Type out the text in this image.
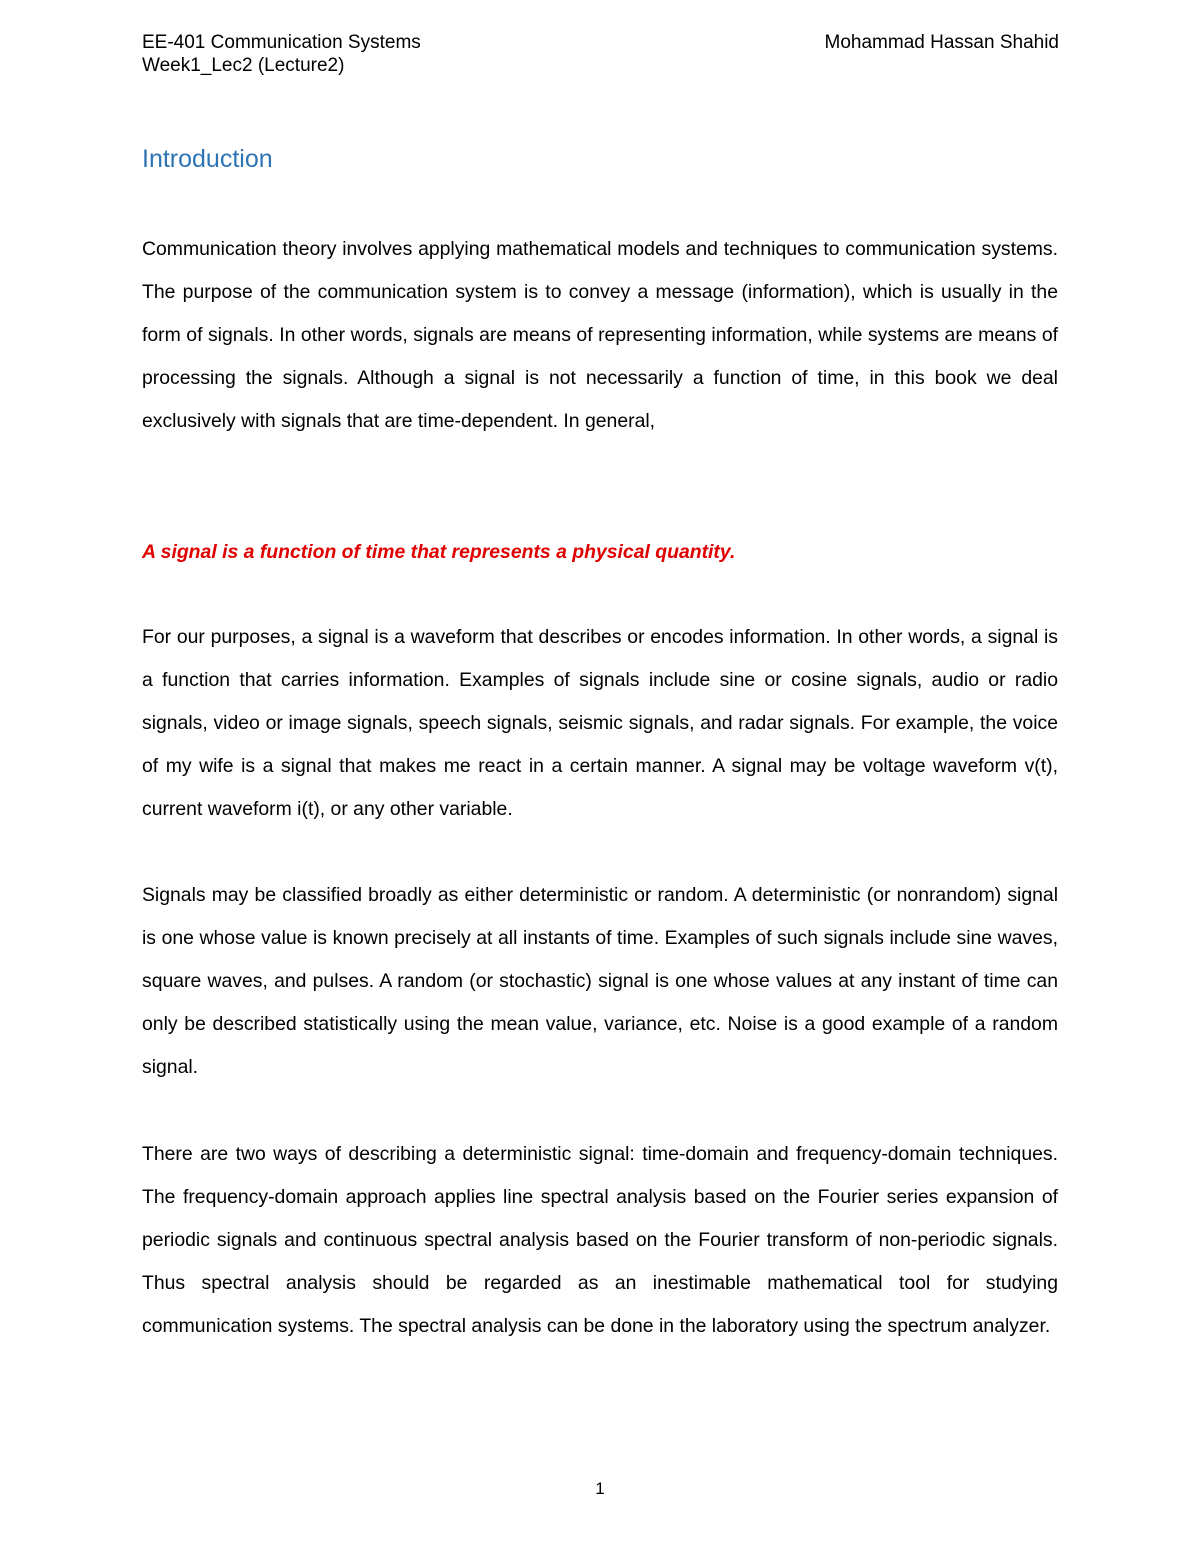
EE-401 Communication Systems
Week1_Lec2 (Lecture2)
Mohammad Hassan Shahid
Introduction

Communication theory involves applying mathematical models and techniques to communication systems. The purpose of the communication system is to convey a message (information), which is usually in the form of signals. In other words, signals are means of representing information, while systems are means of processing the signals. Although a signal is not necessarily a function of time, in this book we deal exclusively with signals that are time-dependent. In general,

A signal is a function of time that represents a physical quantity.

For our purposes, a signal is a waveform that describes or encodes information. In other words, a signal is a function that carries information. Examples of signals include sine or cosine signals, audio or radio signals, video or image signals, speech signals, seismic signals, and radar signals. For example, the voice of my wife is a signal that makes me react in a certain manner. A signal may be voltage waveform v(t), current waveform i(t), or any other variable.

Signals may be classified broadly as either deterministic or random. A deterministic (or nonrandom) signal is one whose value is known precisely at all instants of time. Examples of such signals include sine waves, square waves, and pulses. A random (or stochastic) signal is one whose values at any instant of time can only be described statistically using the mean value, variance, etc. Noise is a good example of a random signal.

There are two ways of describing a deterministic signal: time-domain and frequency-domain techniques. The frequency-domain approach applies line spectral analysis based on the Fourier series expansion of periodic signals and continuous spectral analysis based on the Fourier transform of non-periodic signals. Thus spectral analysis should be regarded as an inestimable mathematical tool for studying communication systems. The spectral analysis can be done in the laboratory using the spectrum analyzer.

1
